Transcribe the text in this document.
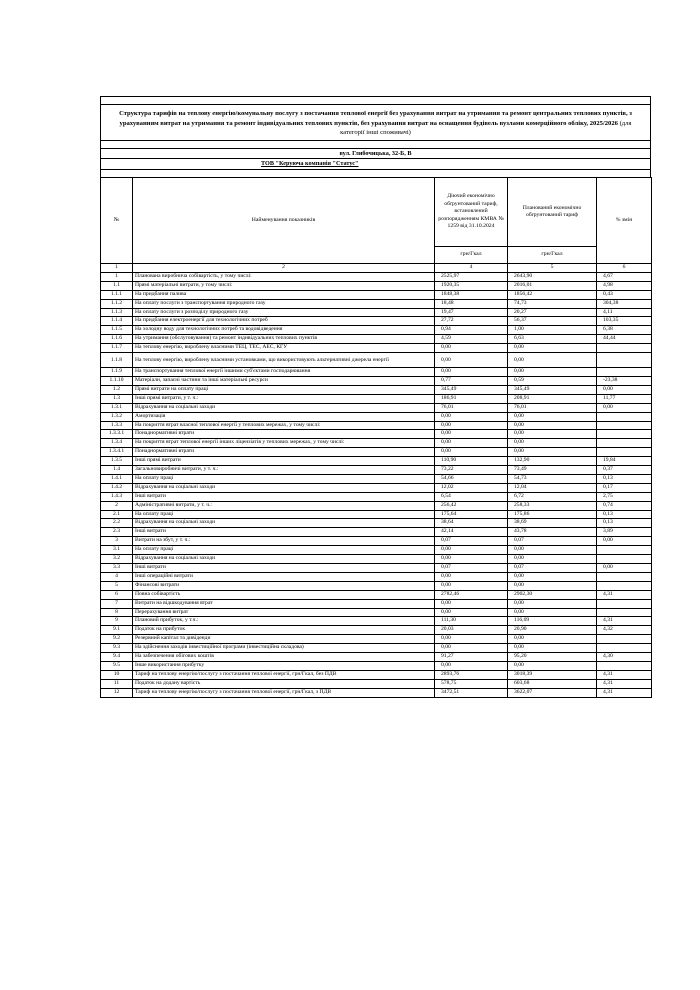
Структура тарифів на теплову енергію/комунальну послугу з постачання теплової енергії без урахування витрат на утримання та ремонт центральних теплових пунктів, з урахуванням витрат на утримання та ремонт індивідуальних теплових пунктів, без урахування витрат на оснащення будівель вузлами комерційного обліку, 2025/2026 (для категорії інші споживачі)
вул. Глибочицька, 32-Б, В
ТОВ "Керуюча компанія "Статус"
№	Найменування показників	Діючий економічно обґрунтований тариф, встановлений розпорядженням КМВА № 1259 від 31.10.2024	Планований економічно обґрунтований тариф	% змін
		грн/Гкал	грн/Гкал	
1	2	4	5	6
1	Планована виробнича собівартість, у тому числі:	2525,97	2643,90	4,67
1.1	Прямі матеріальні витрати, у тому числі:	1920,35	2016,01	4,98
1.1.1	На придбання палива	1848,38	1856,42	0,43
1.1.2	На оплату послуги з транспортування природного газу	18,48	74,73	304,38
1.1.3	На оплату послуги з розподілу природного газу	19,47	20,27	4,11
1.1.4	На придбання електроенергії для технологічних потреб	27,72	56,37	103,35
1.1.5	На холодну воду для технологічних потреб та водовідведення	0,94	1,00	6,38
1.1.6	На утримання (обслуговування) та ремонт індивідуальних теплових пунктів	4,59	6,63	44,44
1.1.7	На теплову енергію, вироблену власними ТЕЦ, ТЕС, АЕС, КГУ	0,00	0,00	
1.1.8	На теплову енергію, вироблену власними установками, що використовують альтернативні джерела енергії	0,00	0,00	
1.1.9	На транспортування теплової енергії іншими суб'єктами господарювання	0,00	0,00	
1.1.10	Матеріали, запасні частини та інші матеріальні ресурси	0,77	0,59	-23,38
1.2	Прямі витрати на оплату праці	345,49	345,49	0,00
1.3	Інші прямі витрати, у т. ч.:	186,91	208,91	11,77
1.3.1	Відрахування на соціальні заходи	76,01	76,01	0,00
1.3.2	Амортизація	0,00	0,00	
1.3.3	На покриття втрат власної теплової енергії у теплових мережах, у тому числі:	0,00	0,00	
1.3.3.1	Понаднормативні втрати	0,00	0,00	
1.3.4	На покриття втрат теплової енергії інших ліцензіатів у теплових мережах, у тому числі:	0,00	0,00	
1.3.4.1	Понаднормативні втрати	0,00	0,00	
1.3.5	Інші прямі витрати	110,90	132,90	19,84
1.4	Загальновиробничі витрати, у т. ч.:	73,22	73,49	0,37
1.4.1	На оплату праці	54,66	54,73	0,13
1.4.2	Відрахування на соціальні заходи	12,02	12,04	0,17
1.4.3	Інші витрати	6,54	6,72	2,75
2	Адміністративні витрати, у т. ч.:	256,42	258,33	0,74
2.1	На оплату праці	175,64	175,86	0,13
2.2	Відрахування на соціальні заходи	38,64	38,69	0,13
2.3	Інші витрати	42,14	43,78	3,89
3	Витрати на збут, у т. ч.:	0,07	0,07	0,00
3.1	На оплату праці	0,00	0,00	
3.2	Відрахування на соціальні заходи	0,00	0,00	
3.3	Інші витрати	0,07	0,07	0,00
4	Інші операційні витрати	0,00	0,00	
5	Фінансові витрати	0,00	0,00	
6	Повна собівартість	2782,46	2902,30	4,31
7	Витрати на відшкодування втрат	0,00	0,00	
8	Перерахування витрат	0,00	0,00	
9	Плановий прибуток, у т.ч.:	111,30	116,09	4,31
9.1	Податок на прибуток	20,03	20,90	4,32
9.2	Резервний капітал та дивіденди	0,00	0,00	
9.3	На здійснення заходів інвестиційної програми (інвестиційна складова)	0,00	0,00	
9.4	На забезпечення обігових коштів	91,27	95,20	4,30
9.5	Інше використання прибутку	0,00	0,00	
10	Тариф на теплову енергію/послугу з постачання теплової енергії, грн/Гкал, без ПДВ	2893,76	3018,39	4,31
11	Податок на додану вартість	578,75	603,68	4,31
12	Тариф на теплову енергію/послугу з постачання теплової енергії, грн/Гкал, з ПДВ	3472,51	3622,07	4,31
